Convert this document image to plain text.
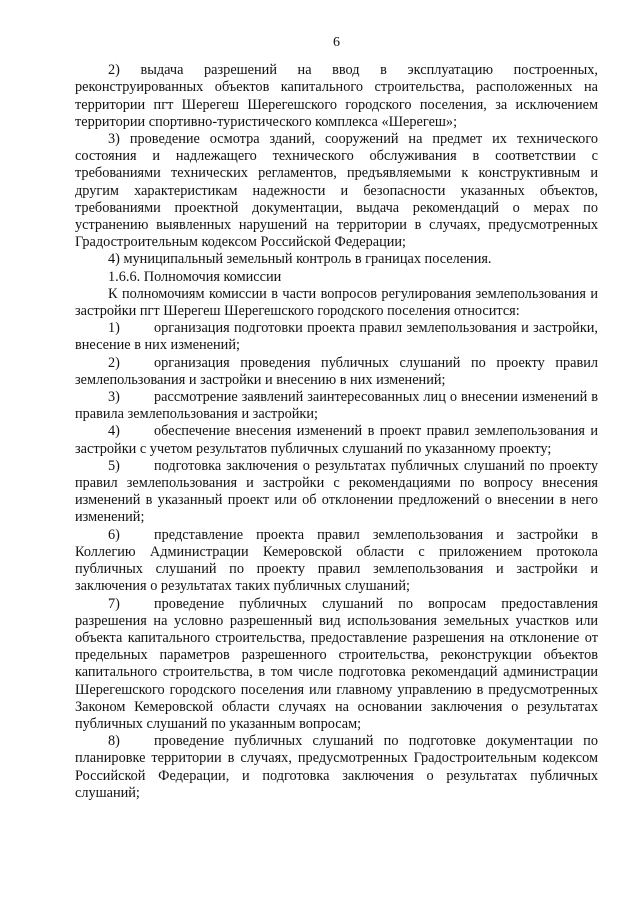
6

2) выдача разрешений на ввод в эксплуатацию построенных, реконструированных объектов капитального строительства, расположенных на территории пгт Шерегеш Шерегешского городского поселения, за исключением территории спортивно-туристического комплекса «Шерегеш»;

3) проведение осмотра зданий, сооружений на предмет их технического состояния и надлежащего технического обслуживания в соответствии с требованиями технических регламентов, предъявляемыми к конструктивным и другим характеристикам надежности и безопасности указанных объектов, требованиями проектной документации, выдача рекомендаций о мерах по устранению выявленных нарушений на территории в случаях, предусмотренных Градостроительным кодексом Российской Федерации;

4) муниципальный земельный контроль в границах поселения.

1.6.6. Полномочия комиссии

К полномочиям комиссии в части вопросов регулирования землепользования и застройки пгт Шерегеш Шерегешского городского поселения относится:

1) организация подготовки проекта правил землепользования и застройки, внесение в них изменений;

2) организация проведения публичных слушаний по проекту правил землепользования и застройки и внесению в них изменений;

3) рассмотрение заявлений заинтересованных лиц о внесении изменений в правила землепользования и застройки;

4) обеспечение внесения изменений в проект правил землепользования и застройки с учетом результатов публичных слушаний по указанному проекту;

5) подготовка заключения о результатах публичных слушаний по проекту правил землепользования и застройки с рекомендациями по вопросу внесения изменений в указанный проект или об отклонении предложений о внесении в него изменений;

6) представление проекта правил землепользования и застройки в Коллегию Администрации Кемеровской области с приложением протокола публичных слушаний по проекту правил землепользования и застройки и заключения о результатах таких публичных слушаний;

7) проведение публичных слушаний по вопросам предоставления разрешения на условно разрешенный вид использования земельных участков или объекта капитального строительства, предоставление разрешения на отклонение от предельных параметров разрешенного строительства, реконструкции объектов капитального строительства, в том числе подготовка рекомендаций администрации Шерегешского городского поселения или главному управлению в предусмотренных Законом Кемеровской области случаях на основании заключения о результатах публичных слушаний по указанным вопросам;

8) проведение публичных слушаний по подготовке документации по планировке территории в случаях, предусмотренных Градостроительным кодексом Российской Федерации, и подготовка заключения о результатах публичных слушаний;
